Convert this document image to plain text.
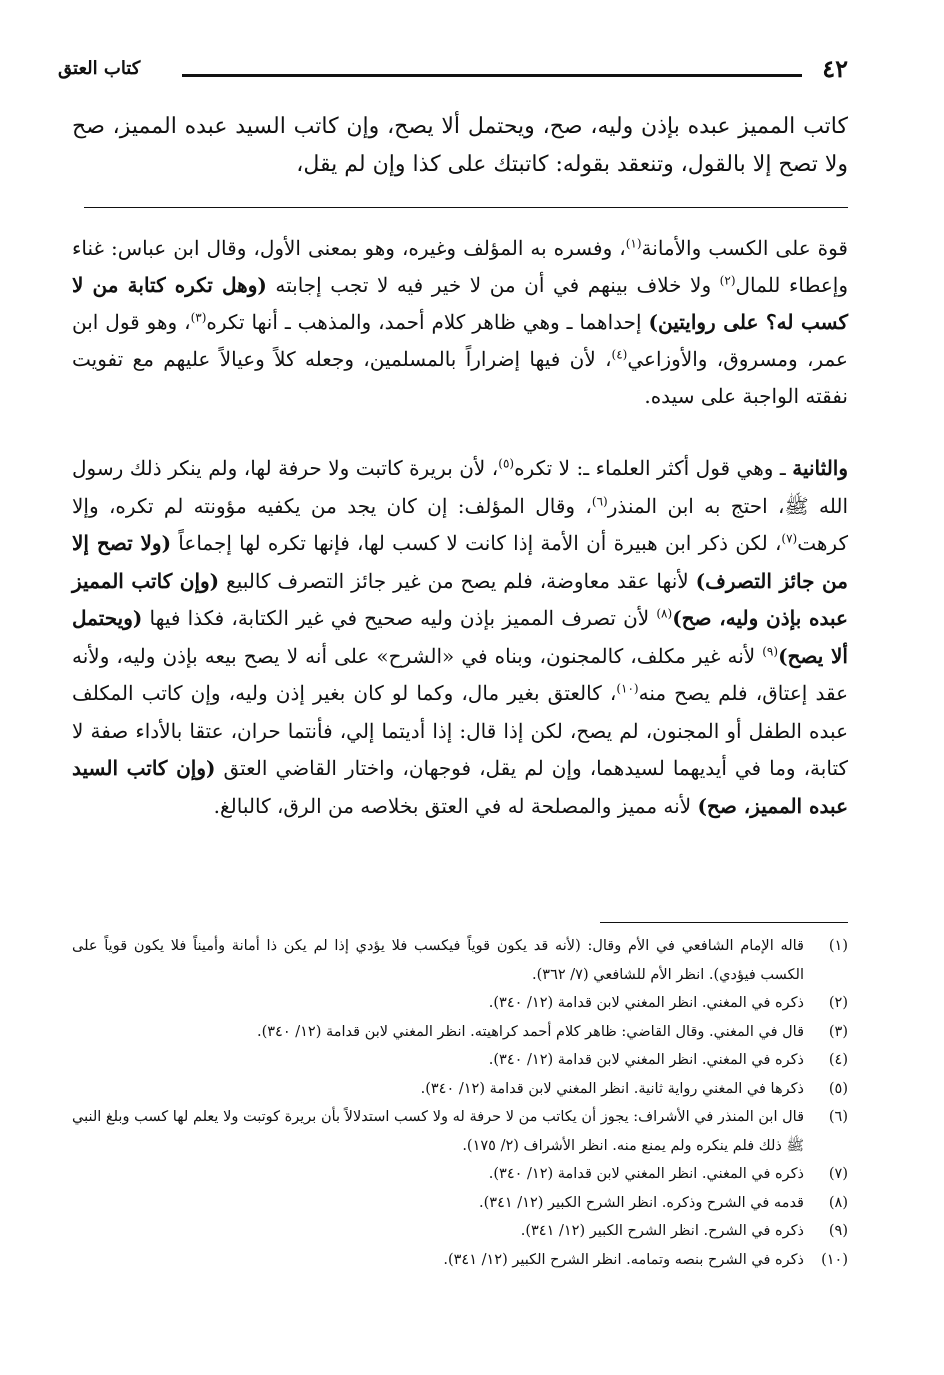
٤٢
كتاب العتق

كاتب المميز عبده بإذن وليه، صح، ويحتمل ألا يصح، وإن كاتب السيد عبده المميز، صح ولا تصح إلا بالقول، وتنعقد بقوله: كاتبتك على كذا وإن لم يقل،

قوة على الكسب والأمانة$^{(١)}$، وفسره به المؤلف وغيره، وهو بمعنى الأول، وقال ابن عباس: غناء وإعطاء للمال$^{(٢)}$ ولا خلاف بينهم في أن من لا خير فيه لا تجب إجابته (وهل تكره كتابة من لا كسب له؟ على روايتين) إحداهما ـ وهي ظاهر كلام أحمد، والمذهب ـ أنها تكره$^{(٣)}$، وهو قول ابن عمر، ومسروق، والأوزاعي$^{(٤)}$، لأن فيها إضراراً بالمسلمين، وجعله كلاً وعيالاً عليهم مع تفويت نفقته الواجبة على سيده.

والثانية ـ وهي قول أكثر العلماء ـ: لا تكره$^{(٥)}$، لأن بريرة كاتبت ولا حرفة لها، ولم ينكر ذلك رسول الله ﷺ، احتج به ابن المنذر$^{(٦)}$، وقال المؤلف: إن كان يجد من يكفيه مؤونته لم تكره، وإلا كرهت$^{(٧)}$، لكن ذكر ابن هبيرة أن الأمة إذا كانت لا كسب لها، فإنها تكره لها إجماعاً (ولا تصح إلا من جائز التصرف) لأنها عقد معاوضة، فلم يصح من غير جائز التصرف كالبيع (وإن كاتب المميز عبده بإذن وليه، صح)$^{(٨)}$ لأن تصرف المميز بإذن وليه صحيح في غير الكتابة، فكذا فيها (ويحتمل ألا يصح)$^{(٩)}$ لأنه غير مكلف، كالمجنون، وبناه في «الشرح» على أنه لا يصح بيعه بإذن وليه، ولأنه عقد إعتاق، فلم يصح منه$^{(١٠)}$، كالعتق بغير مال، وكما لو كان بغير إذن وليه، وإن كاتب المكلف عبده الطفل أو المجنون، لم يصح، لكن إذا قال: إذا أديتما إلي، فأنتما حران، عتقا بالأداء صفة لا كتابة، وما في أيديهما لسيدهما، وإن لم يقل، فوجهان، واختار القاضي العتق (وإن كاتب السيد عبده المميز، صح) لأنه مميز والمصلحة له في العتق بخلاصه من الرق، كالبالغ.

(١)
قاله الإمام الشافعي في الأم وقال: (لأنه قد يكون قوياً فيكسب فلا يؤدي إذا لم يكن ذا أمانة وأميناً فلا يكون قوياً على الكسب فيؤدي). انظر الأم للشافعي (٧/ ٣٦٢).
(٢)
ذكره في المغني. انظر المغني لابن قدامة (١٢/ ٣٤٠).
(٣)
قال في المغني. وقال القاضي: ظاهر كلام أحمد كراهيته. انظر المغني لابن قدامة (١٢/ ٣٤٠).
(٤)
ذكره في المغني. انظر المغني لابن قدامة (١٢/ ٣٤٠).
(٥)
ذكرها في المغني رواية ثانية. انظر المغني لابن قدامة (١٢/ ٣٤٠).
(٦)
قال ابن المنذر في الأشراف: يجوز أن يكاتب من لا حرفة له ولا كسب استدلالاً بأن بريرة كوتبت ولا يعلم لها كسب وبلغ النبي ﷺ ذلك فلم ينكره ولم يمنع منه. انظر الأشراف (٢/ ١٧٥).
(٧)
ذكره في المغني. انظر المغني لابن قدامة (١٢/ ٣٤٠).
(٨)
قدمه في الشرح وذكره. انظر الشرح الكبير (١٢/ ٣٤١).
(٩)
ذكره في الشرح. انظر الشرح الكبير (١٢/ ٣٤١).
(١٠)
ذكره في الشرح بنصه وتمامه. انظر الشرح الكبير (١٢/ ٣٤١).
